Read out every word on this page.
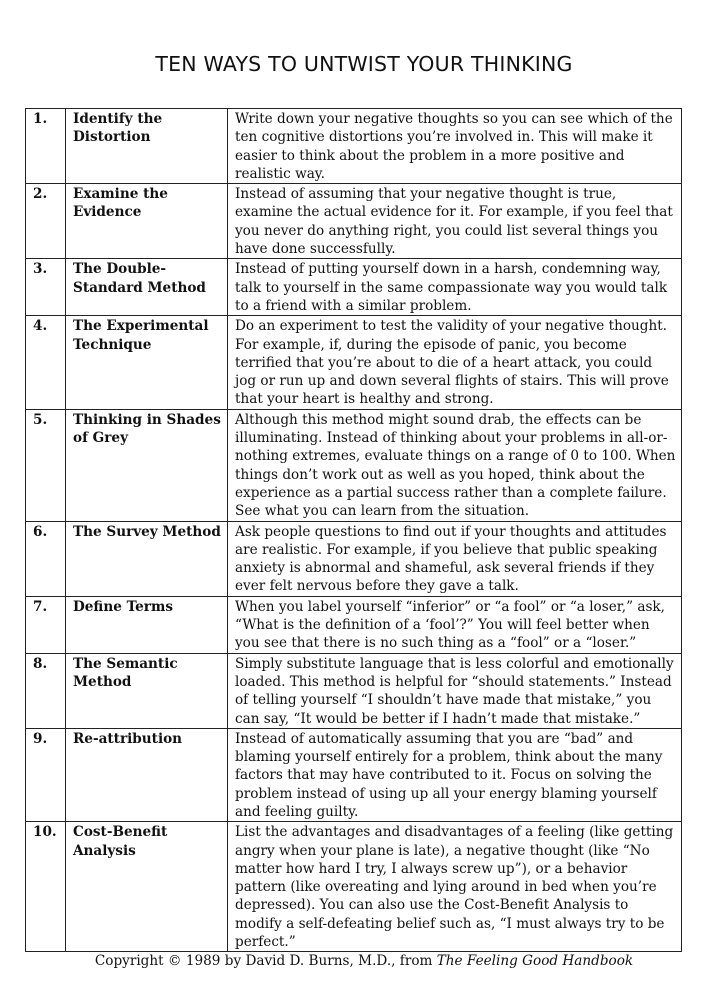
TEN WAYS TO UNTWIST YOUR THINKING
1.	Identify the Distortion	Write down your negative thoughts so you can see which of the ten cognitive distortions you’re involved in. This will make it easier to think about the problem in a more positive and realistic way.
2.	Examine the Evidence	Instead of assuming that your negative thought is true, examine the actual evidence for it. For example, if you feel that you never do anything right, you could list several things you have done successfully.
3.	The Double-Standard Method	Instead of putting yourself down in a harsh, condemning way, talk to yourself in the same compassionate way you would talk to a friend with a similar problem.
4.	The Experimental Technique	Do an experiment to test the validity of your negative thought. For example, if, during the episode of panic, you become terrified that you’re about to die of a heart attack, you could jog or run up and down several flights of stairs. This will prove that your heart is healthy and strong.
5.	Thinking in Shades of Grey	Although this method might sound drab, the effects can be illuminating. Instead of thinking about your problems in all-or-nothing extremes, evaluate things on a range of 0 to 100. When things don’t work out as well as you hoped, think about the experience as a partial success rather than a complete failure. See what you can learn from the situation.
6.	The Survey Method	Ask people questions to find out if your thoughts and attitudes are realistic. For example, if you believe that public speaking anxiety is abnormal and shameful, ask several friends if they ever felt nervous before they gave a talk.
7.	Define Terms	When you label yourself “inferior” or “a fool” or “a loser,” ask, “What is the definition of a ‘fool’?” You will feel better when you see that there is no such thing as a “fool” or a “loser.”
8.	The Semantic Method	Simply substitute language that is less colorful and emotionally loaded. This method is helpful for “should statements.” Instead of telling yourself “I shouldn’t have made that mistake,” you can say, “It would be better if I hadn’t made that mistake.”
9.	Re-attribution	Instead of automatically assuming that you are “bad” and blaming yourself entirely for a problem, think about the many factors that may have contributed to it. Focus on solving the problem instead of using up all your energy blaming yourself and feeling guilty.
10.	Cost-Benefit Analysis	List the advantages and disadvantages of a feeling (like getting angry when your plane is late), a negative thought (like “No matter how hard I try, I always screw up”), or a behavior pattern (like overeating and lying around in bed when you’re depressed). You can also use the Cost-Benefit Analysis to modify a self-defeating belief such as, “I must always try to be perfect.”
Copyright © 1989 by David D. Burns, M.D., from The Feeling Good Handbook
